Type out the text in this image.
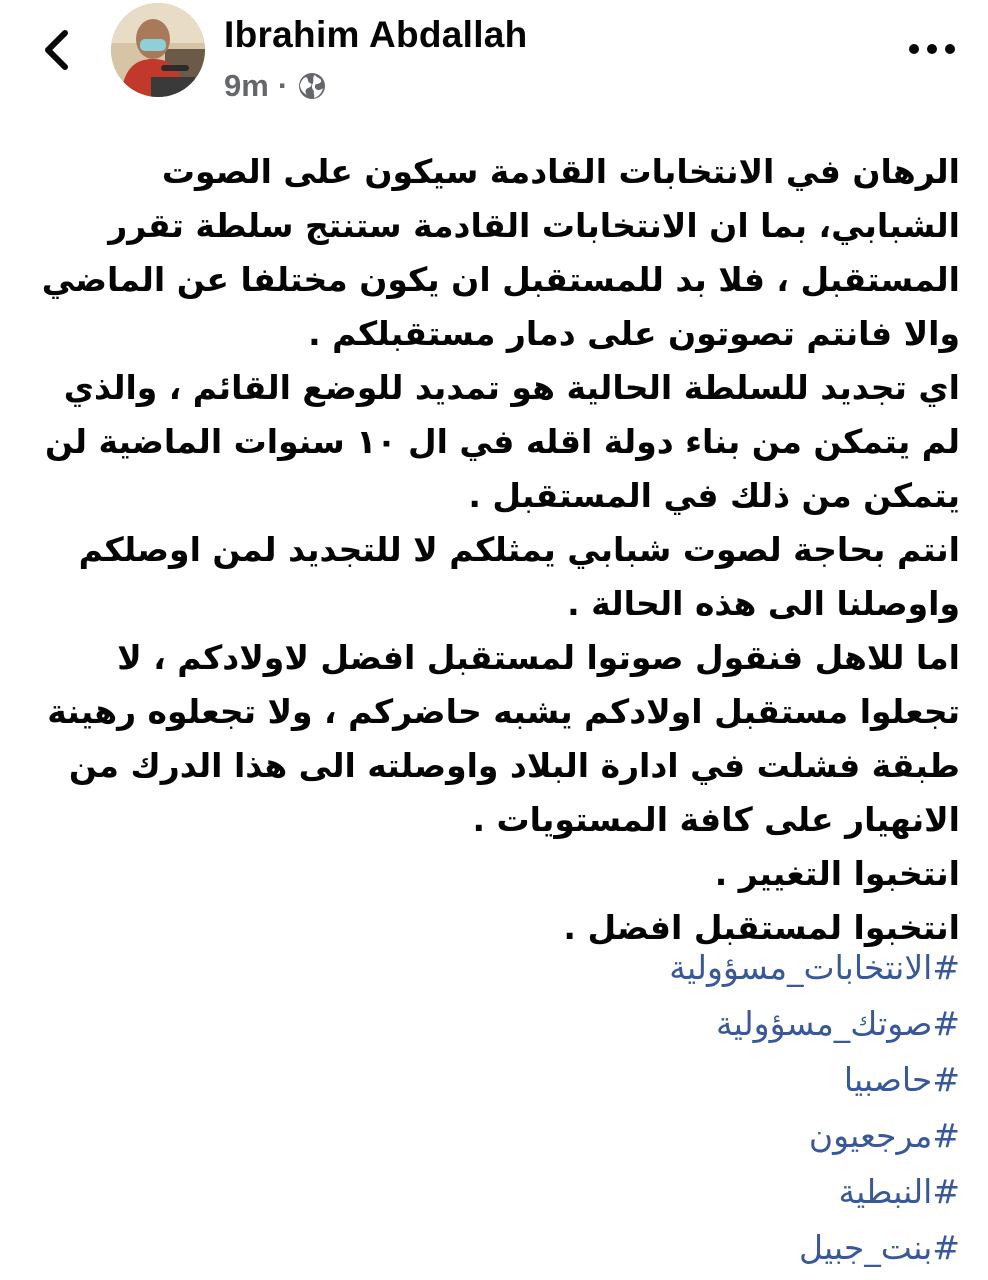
Ibrahim Abdallah
9m ·

الرهان في الانتخابات القادمة سيكون على الصوت الشبابي، بما ان الانتخابات القادمة ستنتج سلطة تقرر المستقبل ، فلا بد للمستقبل ان يكون مختلفا عن الماضي والا فانتم تصوتون على دمار مستقبلكم .

اي تجديد للسلطة الحالية هو تمديد للوضع القائم ، والذي لم يتمكن من بناء دولة اقله في ال ١٠ سنوات الماضية لن يتمكن من ذلك في المستقبل .

انتم بحاجة لصوت شبابي يمثلكم لا للتجديد لمن اوصلكم واوصلنا الى هذه الحالة .

اما للاهل فنقول صوتوا لمستقبل افضل لاولادكم ، لا تجعلوا مستقبل اولادكم يشبه حاضركم ، ولا تجعلوه رهينة طبقة فشلت في ادارة البلاد واوصلته الى هذا الدرك من الانهيار على كافة المستويات .

انتخبوا التغيير .

انتخبوا لمستقبل افضل .

#الانتخابات_مسؤولية
#صوتك_مسؤولية
#حاصبيا
#مرجعيون
#النبطية
#بنت_جبيل
